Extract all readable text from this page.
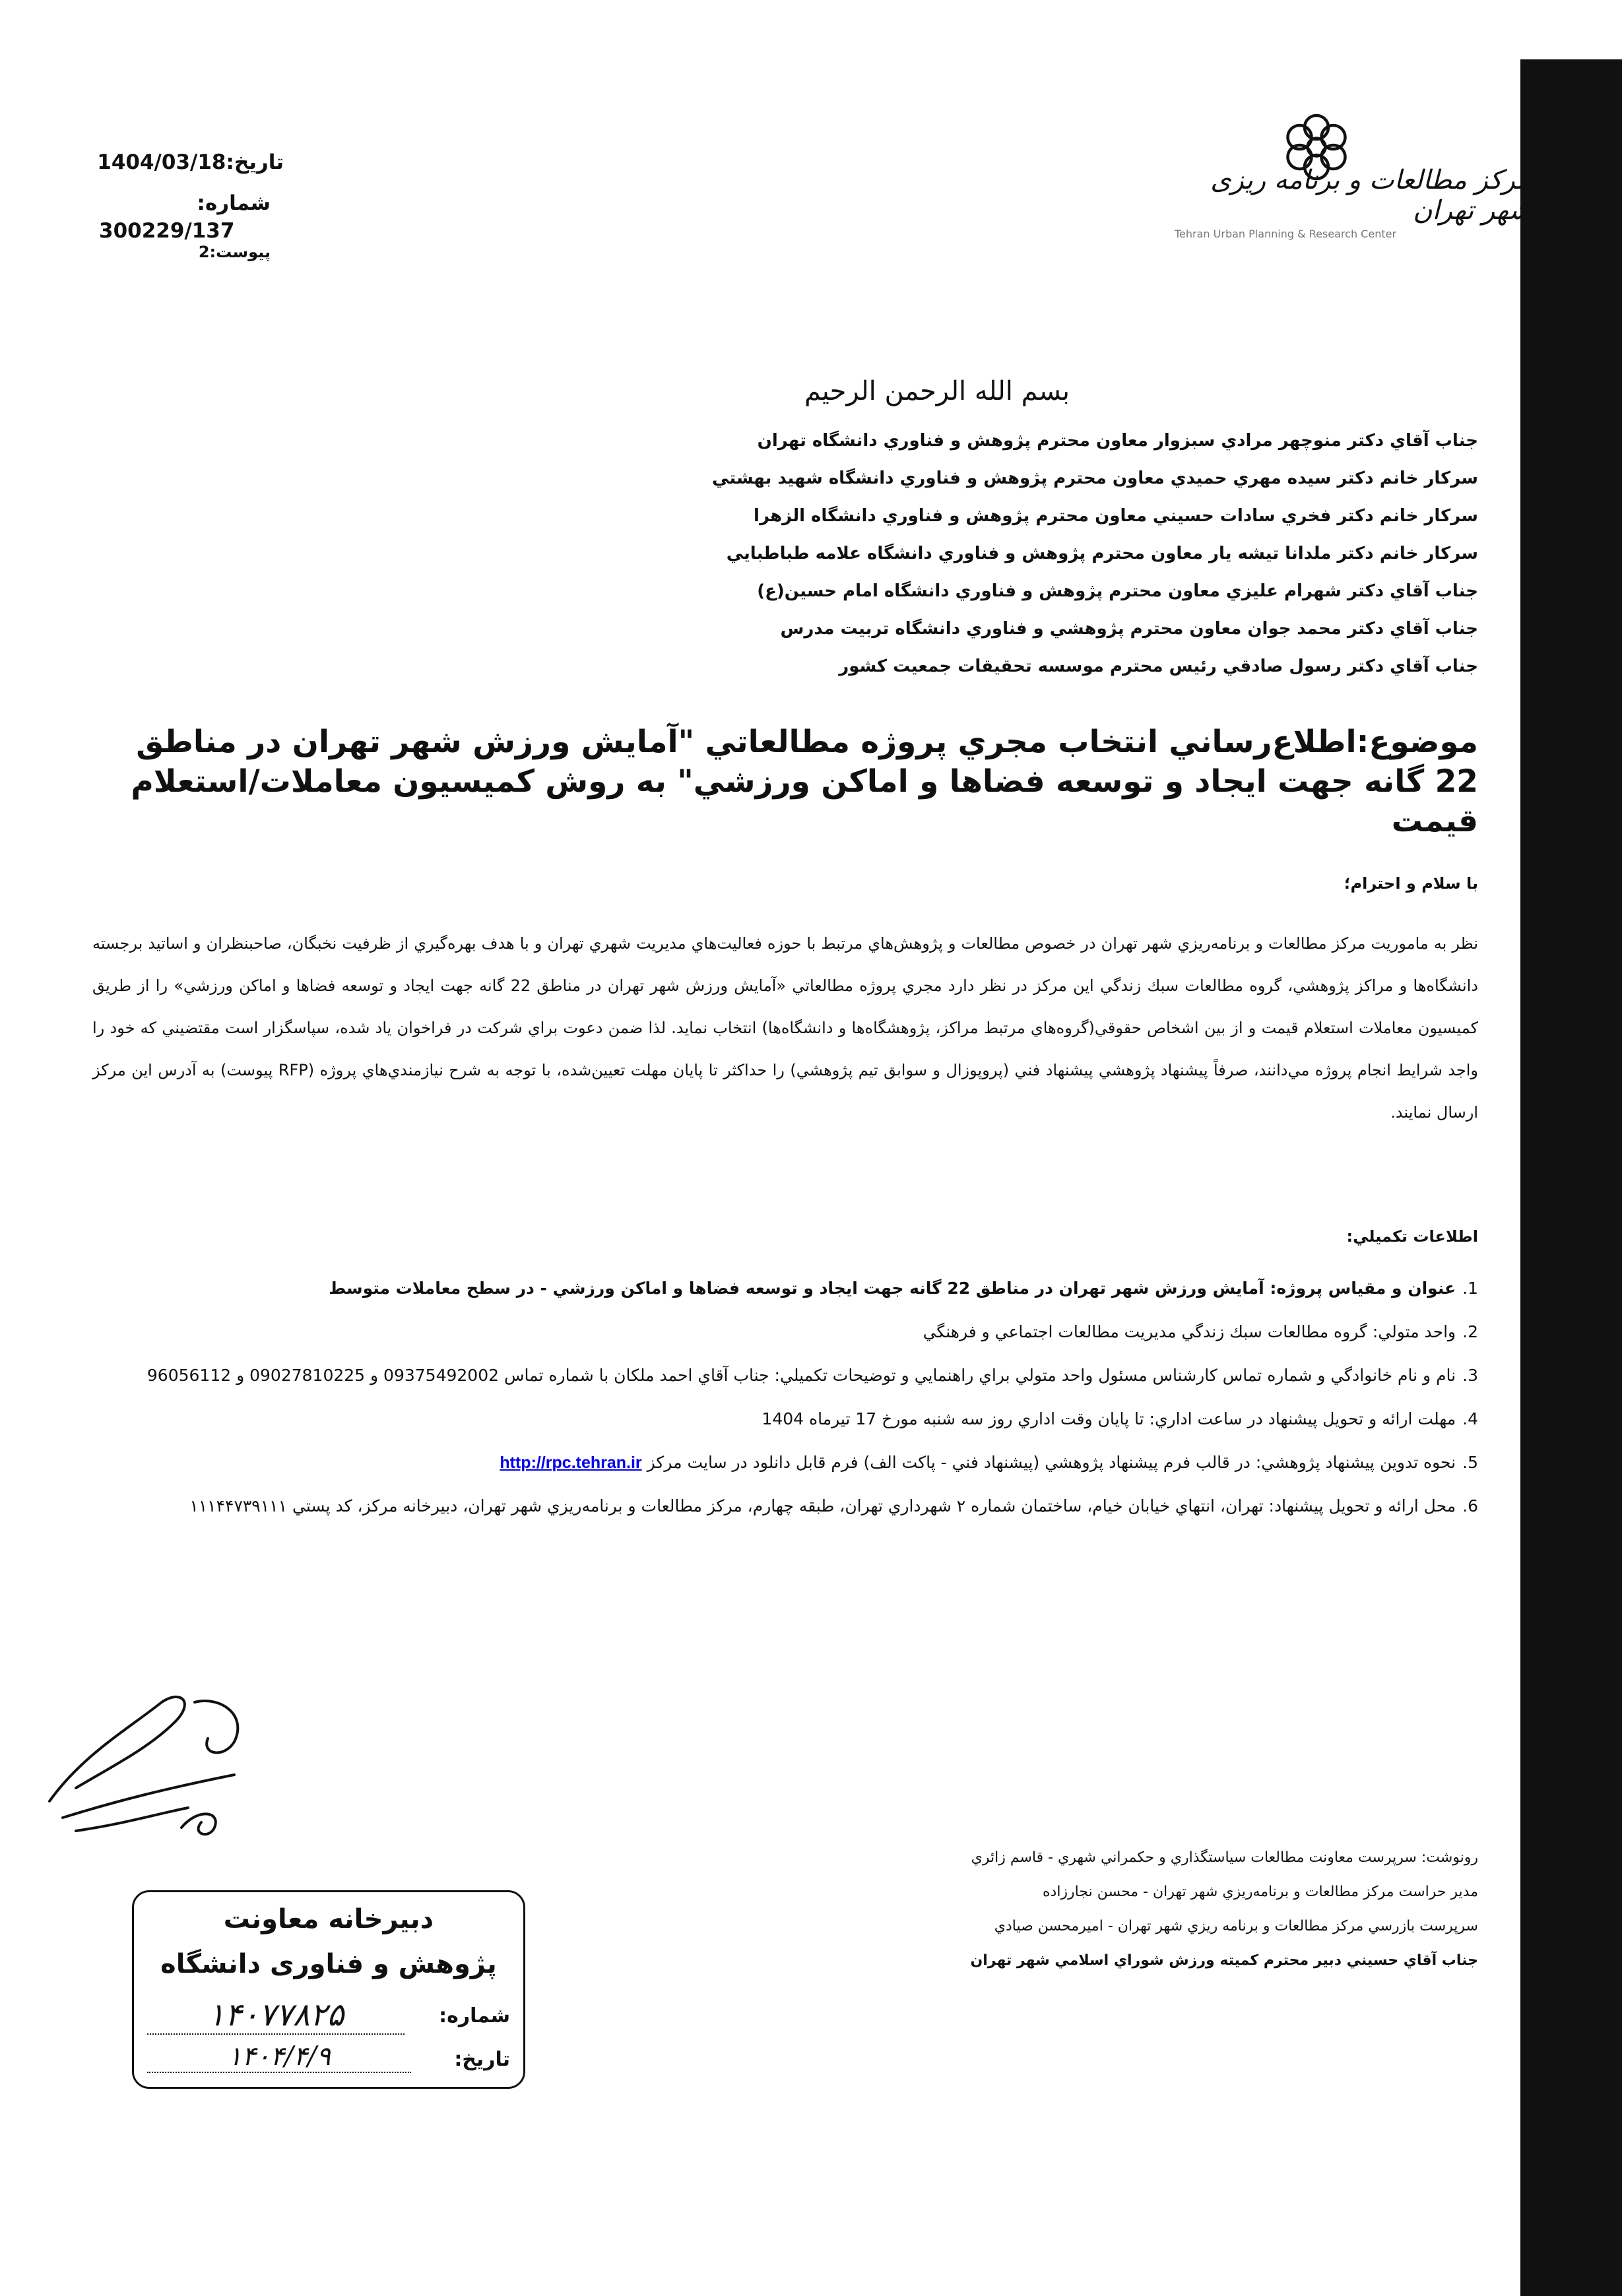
مرکز مطالعات و برنامه ریزی شهر تهران
Tehran Urban Planning & Research Center
تاريخ:1404/03/18
شماره:
300229/137
پيوست:2
بسم الله الرحمن الرحيم
جناب آقاي دكتر منوچهر مرادي سبزوار معاون محترم پژوهش و فناوري دانشگاه تهران
سركار خانم دكتر سيده مهري حميدي معاون محترم پژوهش و فناوري دانشگاه شهيد بهشتي
سركار خانم دكتر فخري سادات حسيني معاون محترم پژوهش و فناوري دانشگاه الزهرا
سركار خانم دكتر ملدانا تيشه يار معاون محترم پژوهش و فناوري دانشگاه علامه طباطبايي
جناب آقاي دكتر شهرام عليزي معاون محترم پژوهش و فناوري دانشگاه امام حسين(ع)
جناب آقاي دكتر محمد جوان معاون محترم پژوهشي و فناوري دانشگاه تربيت مدرس
جناب آقاي دكتر رسول صادقي رئيس محترم موسسه تحقيقات جمعيت كشور
موضوع:اطلاع‌رساني انتخاب مجري پروژه مطالعاتي "آمايش ورزش شهر تهران در مناطق 22 گانه جهت ايجاد و توسعه فضاها و اماكن ورزشي" به روش كميسيون معاملات/استعلام قيمت
با سلام و احترام؛
نظر به ماموريت مركز مطالعات و برنامه‌ريزي شهر تهران در خصوص مطالعات و پژوهش‌هاي مرتبط با حوزه فعاليت‌هاي مديريت شهري تهران و با هدف بهره‌گيري از ظرفيت نخبگان، صاحبنظران و اساتيد برجسته دانشگاه‌ها و مراكز پژوهشي، گروه مطالعات سبك زندگي اين مركز در نظر دارد مجري پروژه مطالعاتي «آمايش ورزش شهر تهران در مناطق 22 گانه جهت ايجاد و توسعه فضاها و اماكن ورزشي» را از طريق كميسيون معاملات استعلام قيمت و از بين اشخاص حقوقي(گروه‌هاي مرتبط مراكز، پژوهشگاه‌ها و دانشگاه‌ها) انتخاب نمايد. لذا ضمن دعوت براي شركت در فراخوان ياد شده، سپاسگزار است مقتضيني كه خود را واجد شرايط انجام پروژه مي‌دانند، صرفاً پيشنهاد پژوهشي پيشنهاد فني (پروپوزال و سوابق تيم پژوهشي) را حداكثر تا پايان مهلت تعيين‌شده، با توجه به شرح نيازمندي‌هاي پروژه (RFP پيوست) به آدرس اين مركز ارسال نمايند.
اطلاعات تكميلي:
1.عنوان و مقياس پروژه: آمايش ورزش شهر تهران در مناطق 22 گانه جهت ايجاد و توسعه فضاها و اماكن ورزشي - در سطح معاملات متوسط
2.واحد متولي: گروه مطالعات سبك زندگي مديريت مطالعات اجتماعي و فرهنگي
3.نام و نام خانوادگي و شماره تماس كارشناس مسئول واحد متولي براي راهنمايي و توضيحات تكميلي: جناب آقاي احمد ملكان با شماره تماس 09375492002 و 09027810225 و 96056112
4.مهلت ارائه و تحويل پيشنهاد در ساعت اداري: تا پايان وقت اداري روز سه شنبه مورخ 17 تيرماه 1404
5.نحوه تدوين پيشنهاد پژوهشي: در قالب فرم پيشنهاد پژوهشي (پيشنهاد فني - پاكت الف) فرم قابل دانلود در سايت مركز http://rpc.tehran.ir
6.محل ارائه و تحويل پيشنهاد: تهران، انتهاي خيابان خيام، ساختمان شماره ۲ شهرداري تهران، طبقه چهارم، مركز مطالعات و برنامه‌ريزي شهر تهران، دبيرخانه مركز، كد پستي ۱۱۱۴۴۷۳۹۱۱۱
رونوشت: سرپرست معاونت مطالعات سياستگذاري و حكمراني شهري - قاسم زائري
مدير حراست مركز مطالعات و برنامه‌ريزي شهر تهران - محسن نجارزاده
سرپرست بازرسي مركز مطالعات و برنامه ريزي شهر تهران - اميرمحسن صيادي
جناب آقاي حسيني دبير محترم كميته ورزش شوراي اسلامي شهر تهران
دبیرخانه معاونت
پژوهش و فناوری دانشگاه
شماره:
۱۴۰۷۷۸۲۵
تاریخ:
۱۴۰۴/۴/۹
